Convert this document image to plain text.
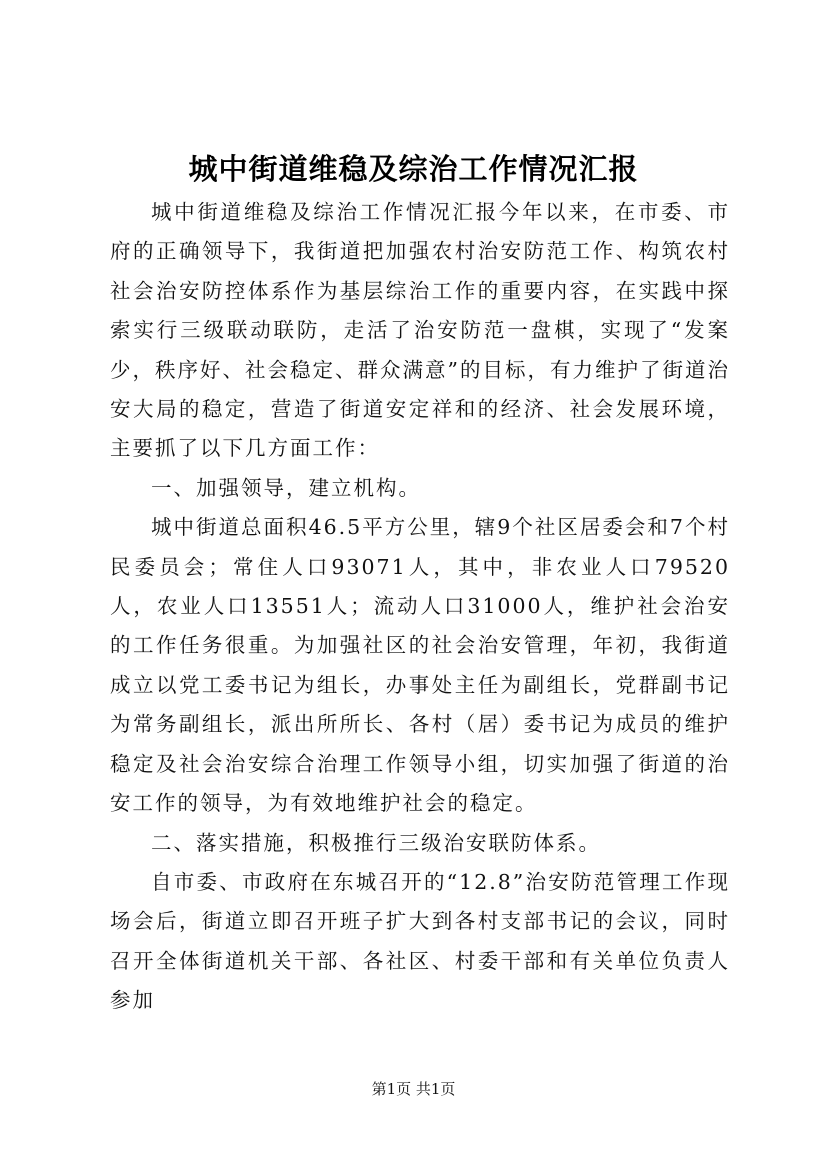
城中街道维稳及综治工作情况汇报

城中街道维稳及综治工作情况汇报今年以来，在市委、市府的正确领导下，我街道把加强农村治安防范工作、构筑农村社会治安防控体系作为基层综治工作的重要内容，在实践中探索实行三级联动联防，走活了治安防范一盘棋，实现了“发案少，秩序好、社会稳定、群众满意”的目标，有力维护了街道治安大局的稳定，营造了街道安定祥和的经济、社会发展环境，主要抓了以下几方面工作：

一、加强领导，建立机构。

城中街道总面积46.5平方公里，辖9个社区居委会和7个村民委员会；常住人口93071人，其中，非农业人口79520人，农业人口13551人；流动人口31000人，维护社会治安的工作任务很重。为加强社区的社会治安管理，年初，我街道成立以党工委书记为组长，办事处主任为副组长，党群副书记为常务副组长，派出所所长、各村（居）委书记为成员的维护稳定及社会治安综合治理工作领导小组，切实加强了街道的治安工作的领导，为有效地维护社会的稳定。

二、落实措施，积极推行三级治安联防体系。

自市委、市政府在东城召开的“12.8”治安防范管理工作现场会后，街道立即召开班子扩大到各村支部书记的会议，同时召开全体街道机关干部、各社区、村委干部和有关单位负责人参加

第1页 共1页
